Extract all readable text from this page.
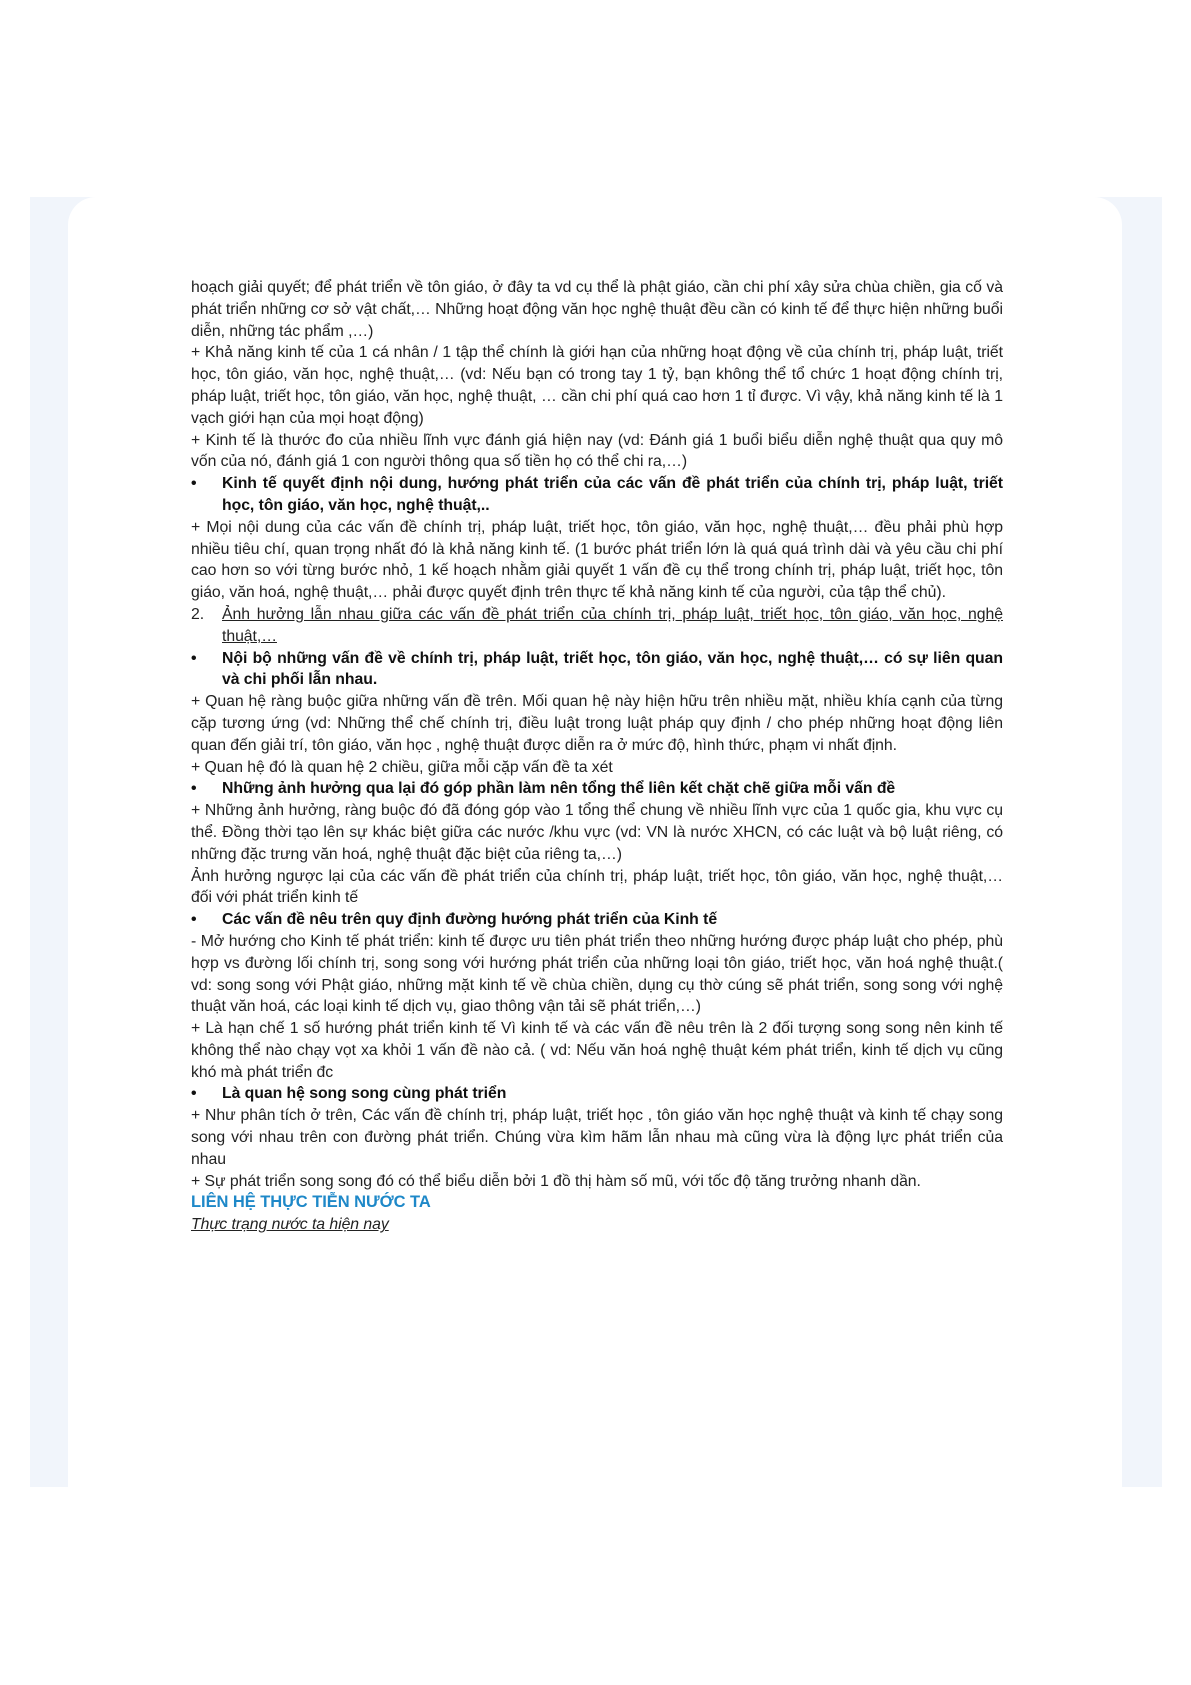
hoạch giải quyết; để phát triển về tôn giáo, ở đây ta vd cụ thể là phật giáo, cần chi phí xây sửa chùa chiền, gia cố và phát triển những cơ sở vật chất,… Những hoạt động văn học nghệ thuật đều cần có kinh tế để thực hiện những buổi diễn, những tác phẩm ,…)

+ Khả năng kinh tế của 1 cá nhân / 1 tập thể chính là giới hạn của những hoạt động về của chính trị, pháp luật, triết học, tôn giáo, văn học, nghệ thuật,… (vd: Nếu bạn có trong tay 1 tỷ, bạn không thể tổ chức 1 hoạt động chính trị, pháp luật, triết học, tôn giáo, văn học, nghệ thuật, … cần chi phí quá cao hơn 1 tỉ được. Vì vậy, khả năng kinh tế là 1 vạch giới hạn của mọi hoạt động)

+ Kinh tế là thước đo của nhiều lĩnh vực đánh giá hiện nay (vd: Đánh giá 1 buổi biểu diễn nghệ thuật qua quy mô vốn của nó, đánh giá 1 con người thông qua số tiền họ có thể chi ra,…)

• Kinh tế quyết định nội dung, hướng phát triển của các vấn đề phát triển của chính trị, pháp luật, triết học, tôn giáo, văn học, nghệ thuật,..

+ Mọi nội dung của các vấn đề chính trị, pháp luật, triết học, tôn giáo, văn học, nghệ thuật,… đều phải phù hợp nhiều tiêu chí, quan trọng nhất đó là khả năng kinh tế. (1 bước phát triển lớn là quá quá trình dài và yêu cầu chi phí cao hơn so với từng bước nhỏ, 1 kế hoạch nhằm giải quyết 1 vấn đề cụ thể trong chính trị, pháp luật, triết học, tôn giáo, văn hoá, nghệ thuật,… phải được quyết định trên thực tế khả năng kinh tế của người, của tập thể chủ).

2. Ảnh hưởng lẫn nhau giữa các vấn đề phát triển của chính trị, pháp luật, triết học, tôn giáo, văn học, nghệ thuật,…

• Nội bộ những vấn đề về chính trị, pháp luật, triết học, tôn giáo, văn học, nghệ thuật,… có sự liên quan và chi phối lẫn nhau.

+ Quan hệ ràng buộc giữa những vấn đề trên. Mối quan hệ này hiện hữu trên nhiều mặt, nhiều khía cạnh của từng cặp tương ứng (vd: Những thể chế chính trị, điều luật trong luật pháp quy định / cho phép những hoạt động liên quan đến giải trí, tôn giáo, văn học , nghệ thuật được diễn ra ở mức độ, hình thức, phạm vi nhất định.

+ Quan hệ đó là quan hệ 2 chiều, giữa mỗi cặp vấn đề ta xét

• Những ảnh hưởng qua lại đó góp phần làm nên tổng thể liên kết chặt chẽ giữa mỗi vấn đề

+ Những ảnh hưởng, ràng buộc đó đã đóng góp vào 1 tổng thể chung về nhiều lĩnh vực của 1 quốc gia, khu vực cụ thể. Đồng thời tạo lên sự khác biệt giữa các nước /khu vực (vd: VN là nước XHCN, có các luật và bộ luật riêng, có những đặc trưng văn hoá, nghệ thuật đặc biệt của riêng ta,…)

Ảnh hưởng ngược lại của các vấn đề phát triển của chính trị, pháp luật, triết học, tôn giáo, văn học, nghệ thuật,… đối với phát triển kinh tế

• Các vấn đề nêu trên quy định đường hướng phát triển của Kinh tế

- Mở hướng cho Kinh tế phát triển: kinh tế được ưu tiên phát triển theo những hướng được pháp luật cho phép, phù hợp vs đường lối chính trị, song song với hướng phát triển của những loại tôn giáo, triết học, văn hoá nghệ thuật.( vd: song song với Phật giáo, những mặt kinh tế về chùa chiền, dụng cụ thờ cúng sẽ phát triển, song song với nghệ thuật văn hoá, các loại kinh tế dịch vụ, giao thông vận tải sẽ phát triển,…)

+ Là hạn chế 1 số hướng phát triển kinh tế Vì kinh tế và các vấn đề nêu trên là 2 đối tượng song song nên kinh tế không thể nào chạy vọt xa khỏi 1 vấn đề nào cả. ( vd: Nếu văn hoá nghệ thuật kém phát triển, kinh tế dịch vụ cũng khó mà phát triển đc

• Là quan hệ song song cùng phát triển

+ Như phân tích ở trên, Các vấn đề chính trị, pháp luật, triết học , tôn giáo văn học nghệ thuật và kinh tế chạy song song với nhau trên con đường phát triển. Chúng vừa kìm hãm lẫn nhau mà cũng vừa là động lực phát triển của nhau

+ Sự phát triển song song đó có thể biểu diễn bởi 1 đồ thị hàm số mũ, với tốc độ tăng trưởng nhanh dần.

LIÊN HỆ THỰC TIỄN NƯỚC TA

Thực trạng nước ta hiện nay
